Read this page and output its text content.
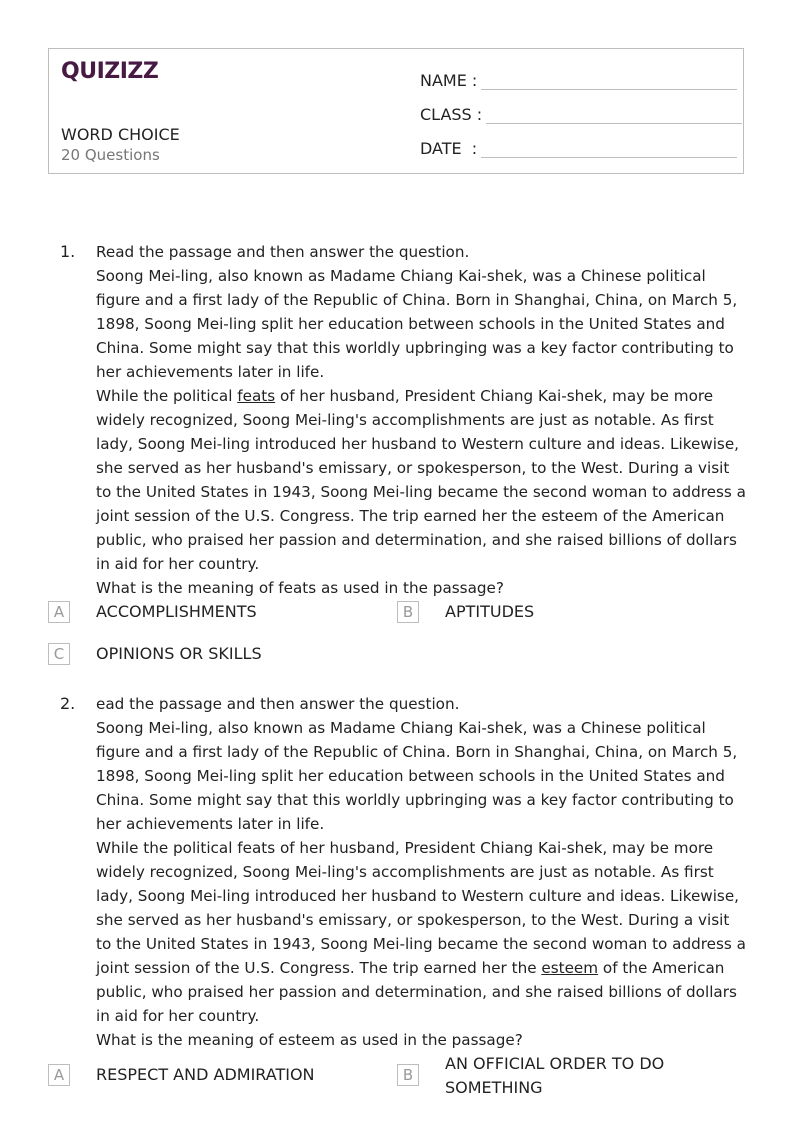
QUIZIZZ
WORD CHOICE
20 Questions
NAME :
CLASS :
DATE  :
1. Read the passage and then answer the question.

Soong Mei-ling, also known as Madame Chiang Kai-shek, was a Chinese political figure and a first lady of the Republic of China. Born in Shanghai, China, on March 5, 1898, Soong Mei-ling split her education between schools in the United States and China. Some might say that this worldly upbringing was a key factor contributing to her achievements later in life.

While the political feats of her husband, President Chiang Kai-shek, may be more widely recognized, Soong Mei-ling's accomplishments are just as notable. As first lady, Soong Mei-ling introduced her husband to Western culture and ideas. Likewise, she served as her husband's emissary, or spokesperson, to the West. During a visit to the United States in 1943, Soong Mei-ling became the second woman to address a joint session of the U.S. Congress. The trip earned her the esteem of the American public, who praised her passion and determination, and she raised billions of dollars in aid for her country.

What is the meaning of feats as used in the passage?

A	ACCOMPLISHMENTS	B	APTITUDES
C	OPINIONS OR SKILLS
2. ead the passage and then answer the question.

Soong Mei-ling, also known as Madame Chiang Kai-shek, was a Chinese political figure and a first lady of the Republic of China. Born in Shanghai, China, on March 5, 1898, Soong Mei-ling split her education between schools in the United States and China. Some might say that this worldly upbringing was a key factor contributing to her achievements later in life.

While the political feats of her husband, President Chiang Kai-shek, may be more widely recognized, Soong Mei-ling's accomplishments are just as notable. As first lady, Soong Mei-ling introduced her husband to Western culture and ideas. Likewise, she served as her husband's emissary, or spokesperson, to the West. During a visit to the United States in 1943, Soong Mei-ling became the second woman to address a joint session of the U.S. Congress. The trip earned her the esteem of the American public, who praised her passion and determination, and she raised billions of dollars in aid for her country.

What is the meaning of esteem as used in the passage?

A	RESPECT AND ADMIRATION	B
AN OFFICIAL ORDER TO DO SOMETHING
